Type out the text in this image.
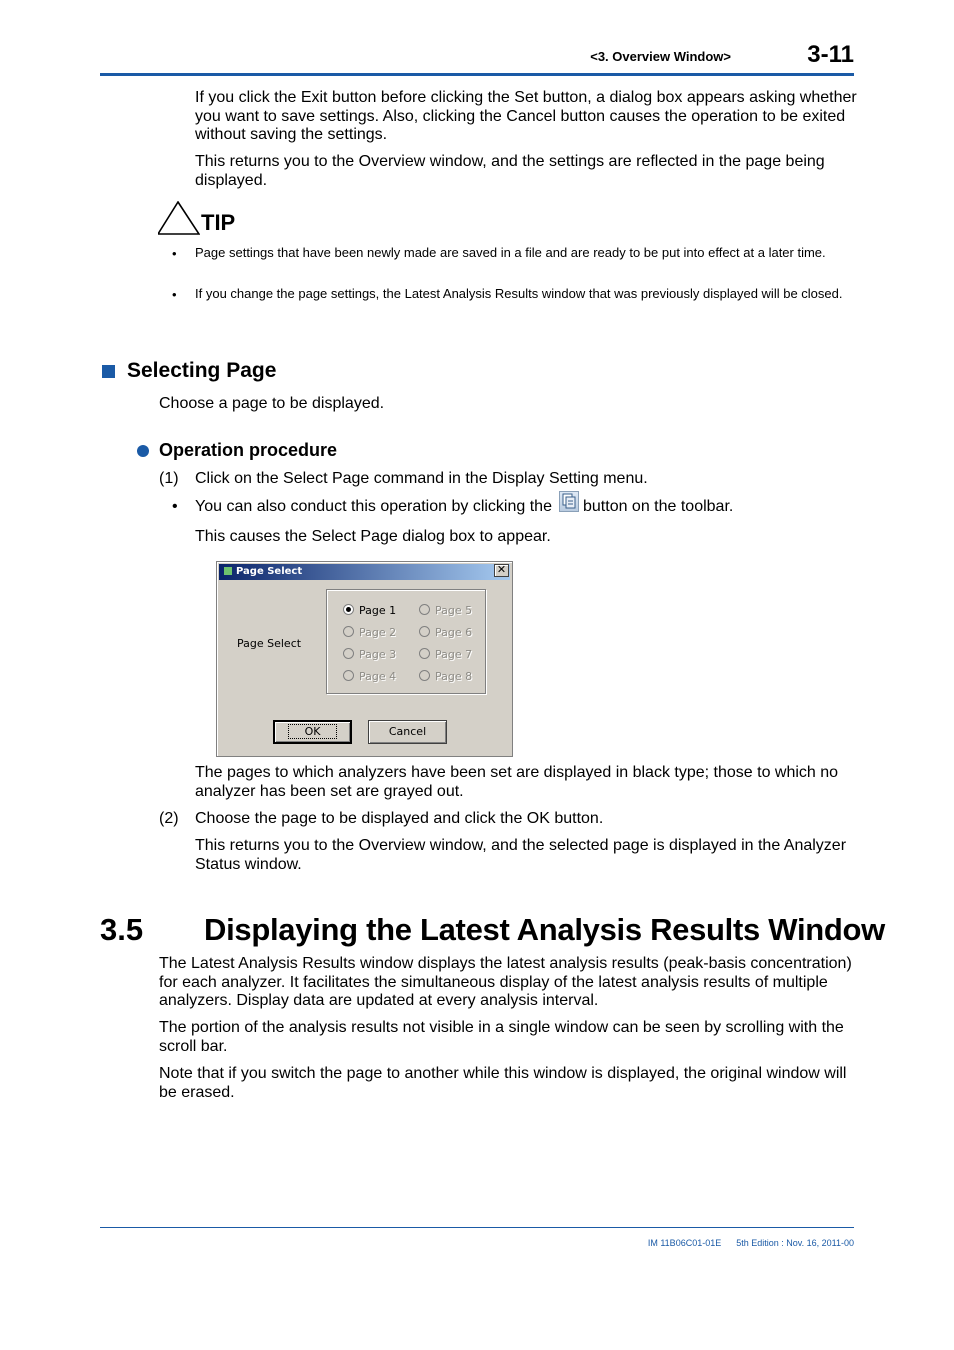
<3. Overview Window>	3-11
If you click the Exit button before clicking the Set button, a dialog box appears asking whether you want to save settings. Also, clicking the Cancel button causes the operation to be exited without saving the settings.
This returns you to the Overview window, and the settings are reflected in the page being displayed.
TIP
• Page settings that have been newly made are saved in a file and are ready to be put into effect at a later time.
• If you change the page settings, the Latest Analysis Results window that was previously displayed will be closed.
Selecting Page
Choose a page to be displayed.
Operation procedure
(1) Click on the Select Page command in the Display Setting menu.
• You can also conduct this operation by clicking the button on the toolbar.
This causes the Select Page dialog box to appear.
Page Select	✕
Page Select
Page 1
Page 2
Page 3
Page 4
Page 5
Page 6
Page 7
Page 8
OK	Cancel
The pages to which analyzers have been set are displayed in black type; those to which no analyzer has been set are grayed out.
(2) Choose the page to be displayed and click the OK button.
This returns you to the Overview window, and the selected page is displayed in the Analyzer Status window.
3.5 Displaying the Latest Analysis Results Window
The Latest Analysis Results window displays the latest analysis results (peak-basis concentration) for each analyzer. It facilitates the simultaneous display of the latest analysis results of multiple analyzers. Display data are updated at every analysis interval.
The portion of the analysis results not visible in a single window can be seen by scrolling with the scroll bar.
Note that if you switch the page to another while this window is displayed, the original window will be erased.
IM 11B06C01-01E 5th Edition : Nov. 16, 2011-00
